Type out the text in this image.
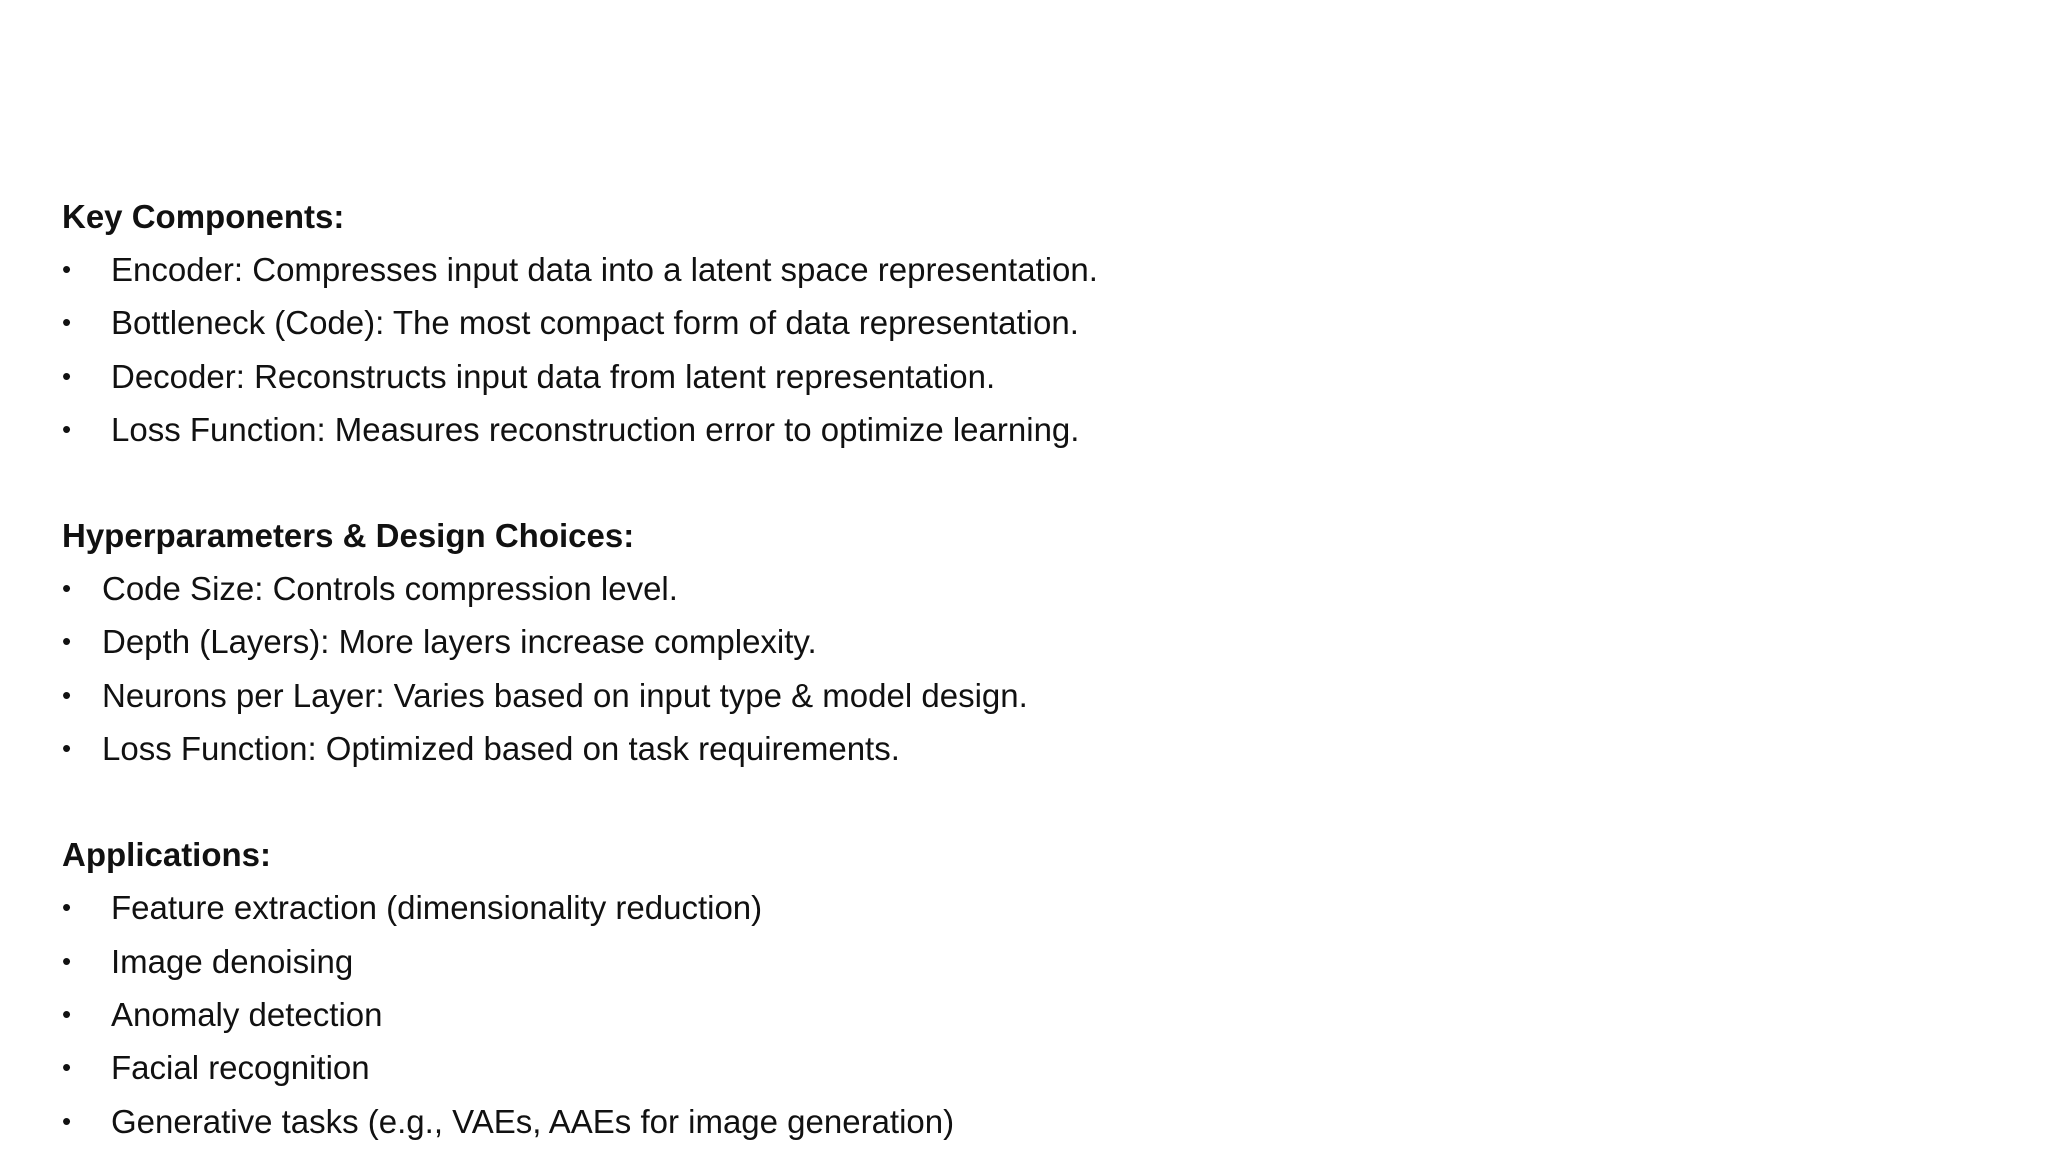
Key Components:
•	Encoder: Compresses input data into a latent space representation.
•	Bottleneck (Code): The most compact form of data representation.
•	Decoder: Reconstructs input data from latent representation.
•	Loss Function: Measures reconstruction error to optimize learning.
Hyperparameters & Design Choices:
• Code Size: Controls compression level.
• Depth (Layers): More layers increase complexity.
• Neurons per Layer: Varies based on input type & model design.
• Loss Function: Optimized based on task requirements.
Applications:
•	Feature extraction (dimensionality reduction)
•	Image denoising
•	Anomaly detection
•	Facial recognition
•	Generative tasks (e.g., VAEs, AAEs for image generation)
